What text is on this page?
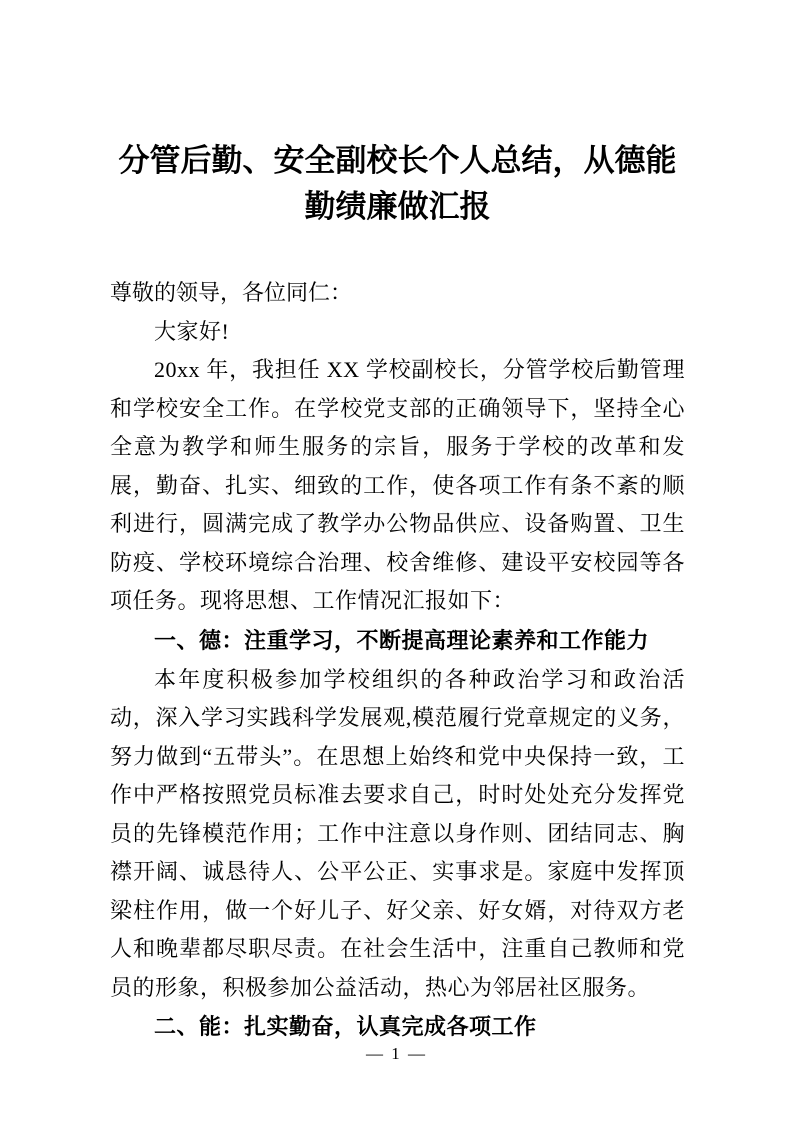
分管后勤、安全副校长个人总结，从德能
勤绩廉做汇报

尊敬的领导，各位同仁：

大家好!

20xx 年，我担任 XX 学校副校长，分管学校后勤管理和学校安全工作。在学校党支部的正确领导下，坚持全心全意为教学和师生服务的宗旨，服务于学校的改革和发展，勤奋、扎实、细致的工作，使各项工作有条不紊的顺利进行，圆满完成了教学办公物品供应、设备购置、卫生防疫、学校环境综合治理、校舍维修、建设平安校园等各项任务。现将思想、工作情况汇报如下：

一、德：注重学习，不断提高理论素养和工作能力

本年度积极参加学校组织的各种政治学习和政治活动，深入学习实践科学发展观,模范履行党章规定的义务，努力做到“五带头”。在思想上始终和党中央保持一致，工作中严格按照党员标准去要求自己，时时处处充分发挥党员的先锋模范作用；工作中注意以身作则、团结同志、胸襟开阔、诚恳待人、公平公正、实事求是。家庭中发挥顶梁柱作用，做一个好儿子、好父亲、好女婿，对待双方老人和晚辈都尽职尽责。在社会生活中，注重自己教师和党员的形象，积极参加公益活动，热心为邻居社区服务。

二、能：扎实勤奋，认真完成各项工作

— 1 —
